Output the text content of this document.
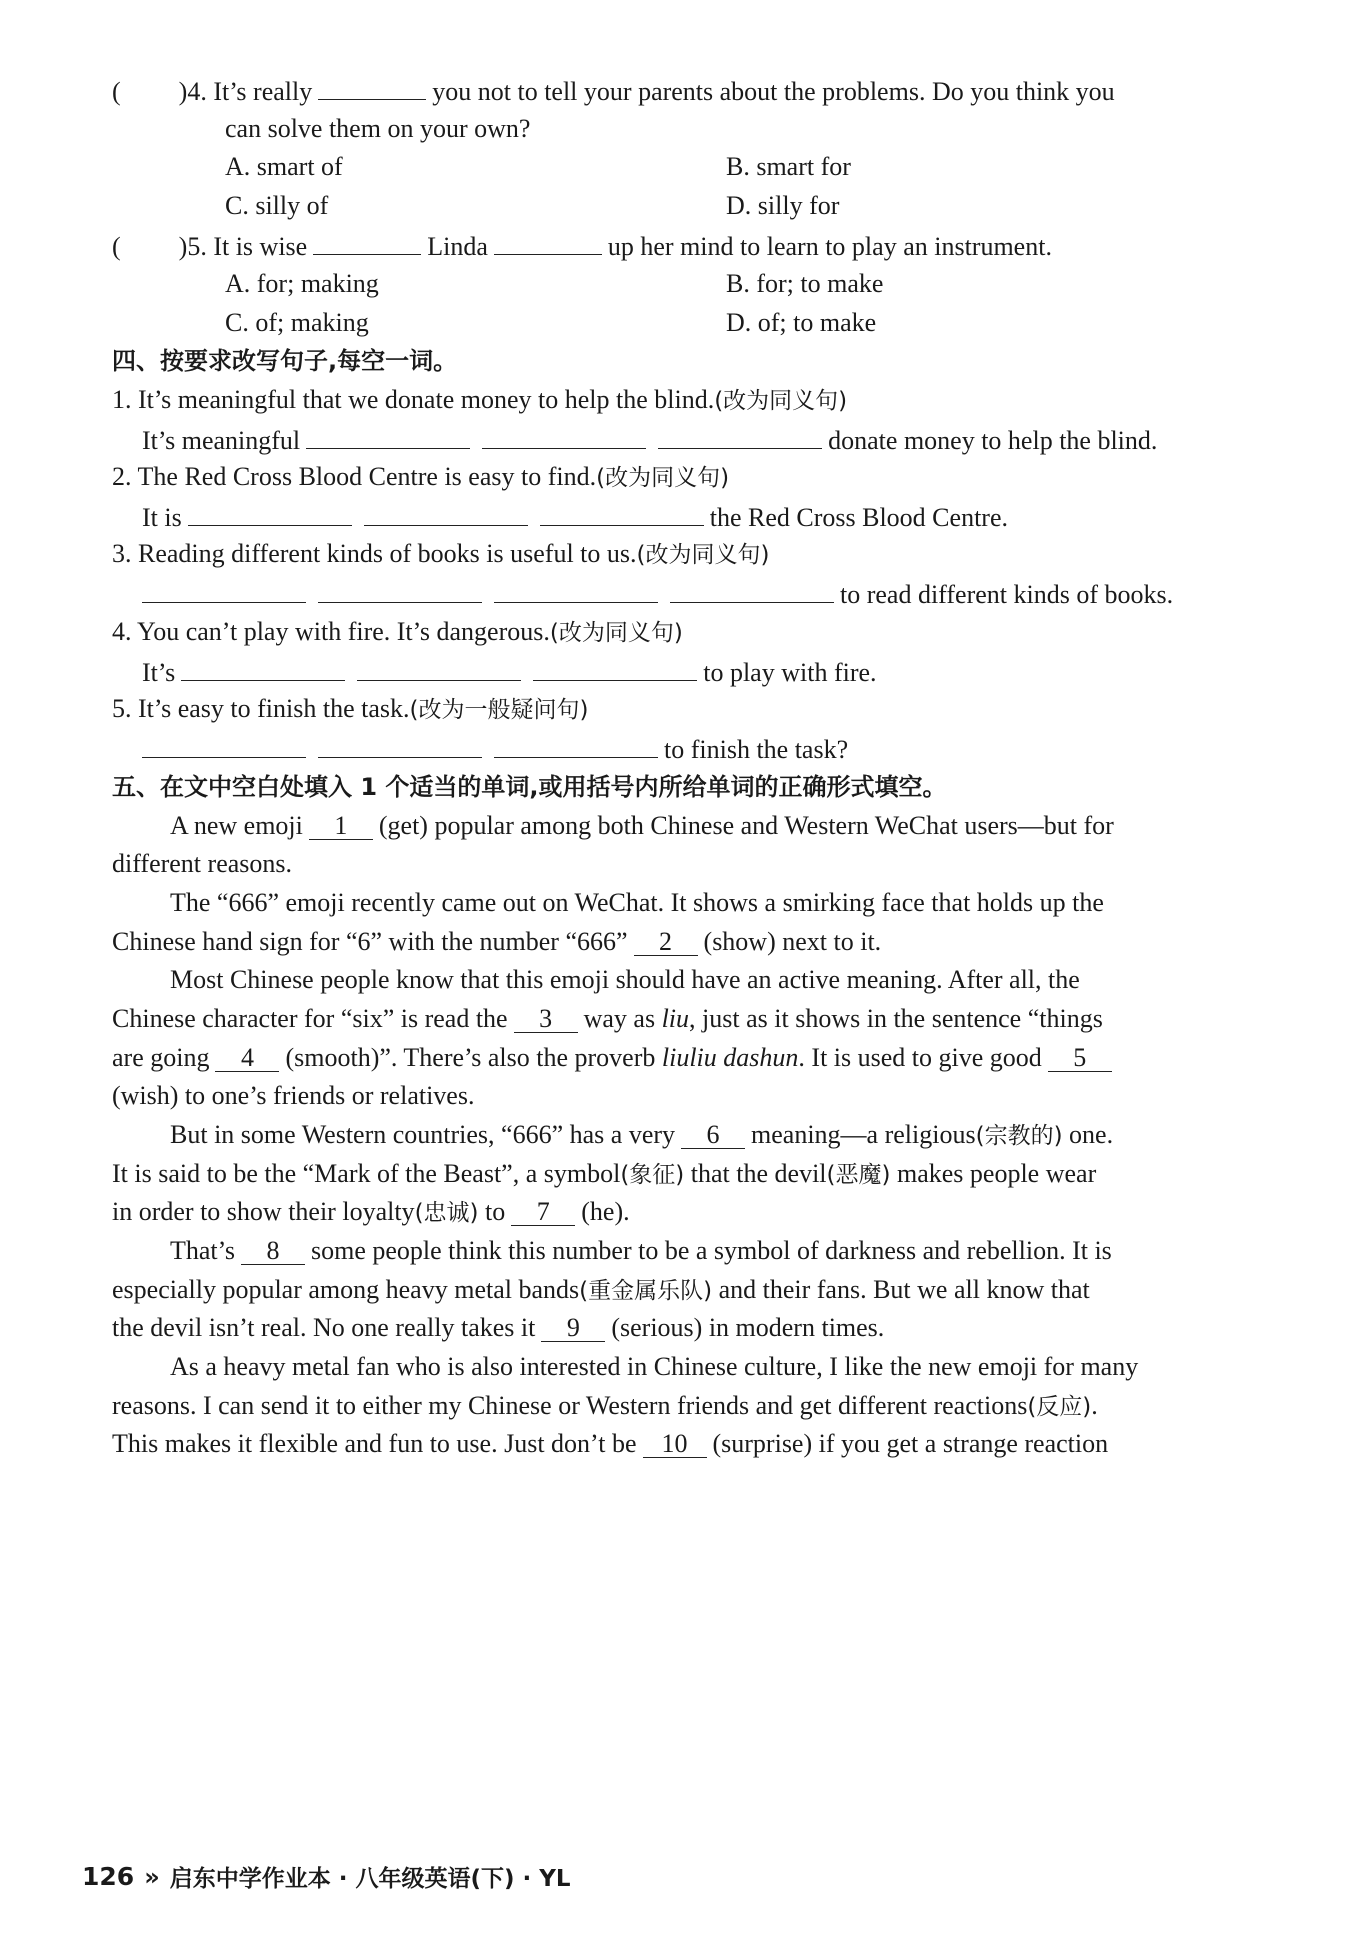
( )4. It’s really	you not to tell your parents about the problems. Do you think you
can solve them on your own?
A. smart of	B. smart for
C. silly of	D. silly for
( )5. It is wise	Linda	up her mind to learn to play an instrument.
A. for; making	B. for; to make
C. of; making	D. of; to make
四、按要求改写句子,每空一词。
1. It’s meaningful that we donate money to help the blind.(改为同义句)
It’s meaningful	donate money to help the blind.
2. The Red Cross Blood Centre is easy to find.(改为同义句)
It is	the Red Cross Blood Centre.
3. Reading different kinds of books is useful to us.(改为同义句)
to read different kinds of books.
4. You can’t play with fire. It’s dangerous.(改为同义句)
It’s	to play with fire.
5. It’s easy to finish the task.(改为一般疑问句)
to finish the task?
五、在文中空白处填入 1 个适当的单词,或用括号内所给单词的正确形式填空。
A new emoji 1 (get) popular among both Chinese and Western WeChat users—but for
different reasons.
The “666” emoji recently came out on WeChat. It shows a smirking face that holds up the
Chinese hand sign for “6” with the number “666” 2 (show) next to it.
Most Chinese people know that this emoji should have an active meaning. After all, the
Chinese character for “six” is read the 3 way as liu, just as it shows in the sentence “things
are going 4 (smooth)”. There’s also the proverb liuliu dashun. It is used to give good 5
(wish) to one’s friends or relatives.
But in some Western countries, “666” has a very 6 meaning—a religious(宗教的) one.
It is said to be the “Mark of the Beast”, a symbol(象征) that the devil(恶魔) makes people wear
in order to show their loyalty(忠诚) to 7 (he).
That’s 8 some people think this number to be a symbol of darkness and rebellion. It is
especially popular among heavy metal bands(重金属乐队) and their fans. But we all know that
the devil isn’t real. No one really takes it 9 (serious) in modern times.
As a heavy metal fan who is also interested in Chinese culture, I like the new emoji for many
reasons. I can send it to either my Chinese or Western friends and get different reactions(反应).
This makes it flexible and fun to use. Just don’t be 10 (surprise) if you get a strange reaction
126 » 启东中学作业本 · 八年级英语(下) · YL
